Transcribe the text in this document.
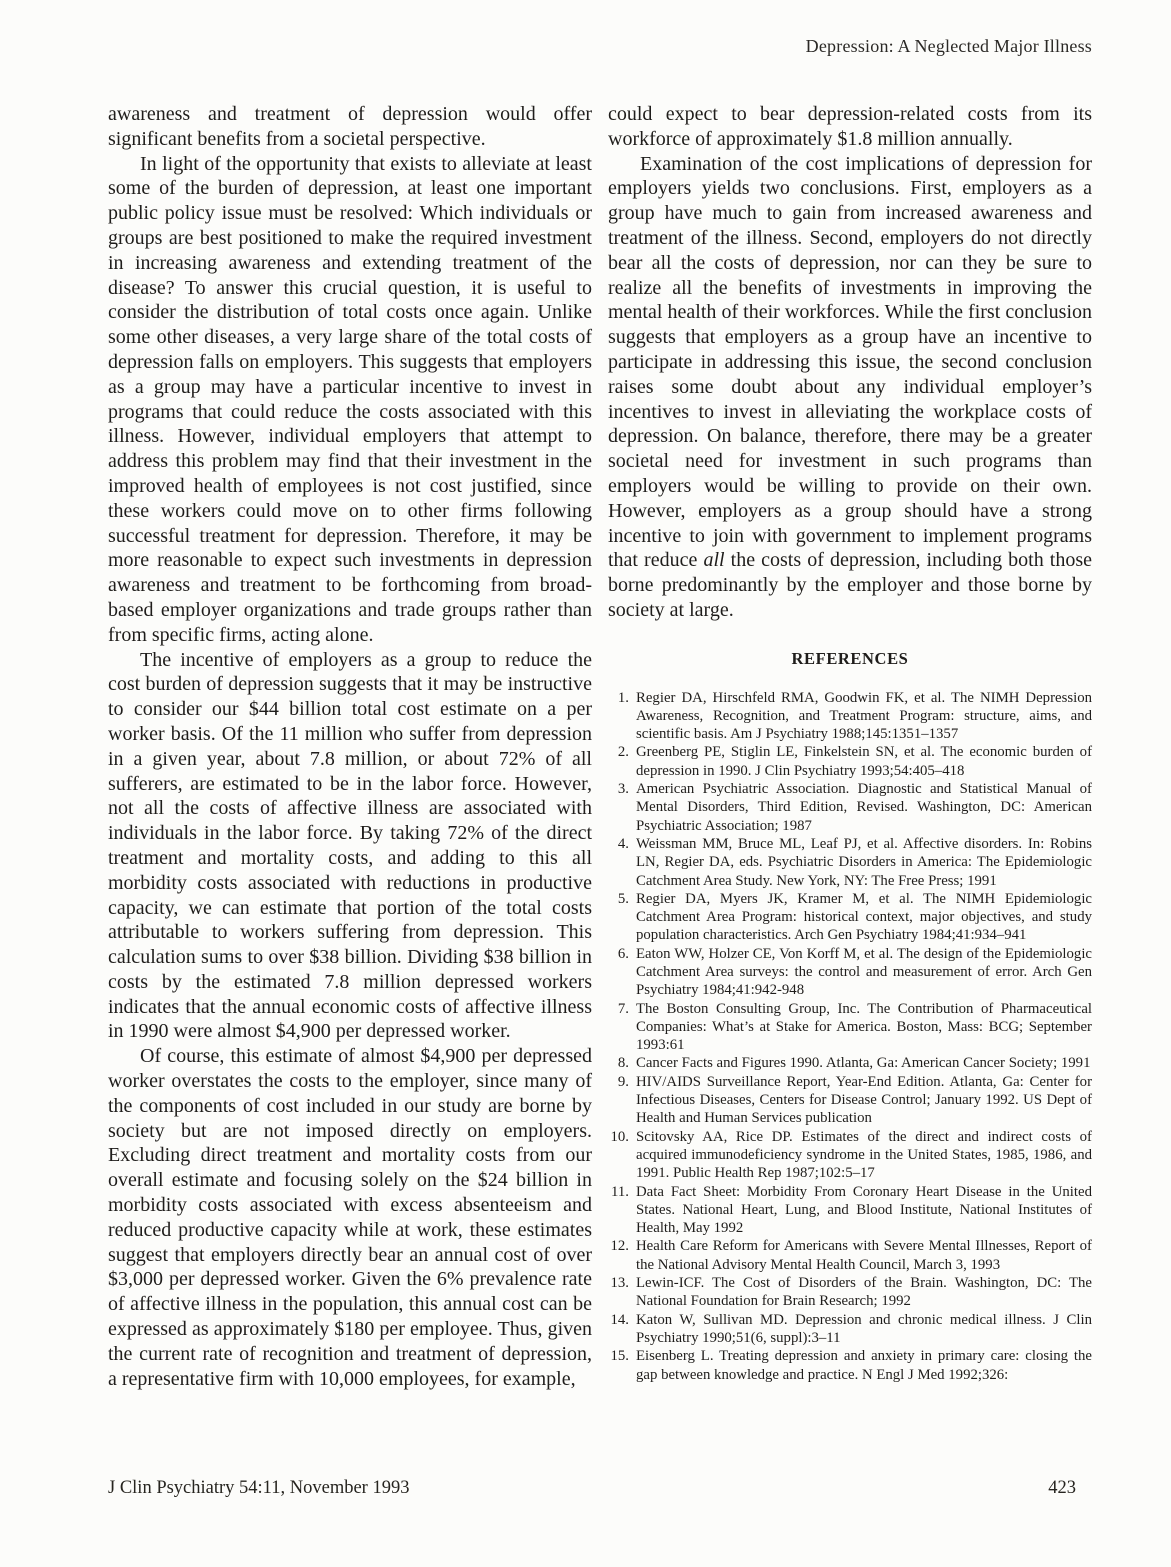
Depression: A Neglected Major Illness

awareness and treatment of depression would offer significant benefits from a societal perspective.

In light of the opportunity that exists to alleviate at least some of the burden of depression, at least one important public policy issue must be resolved: Which individuals or groups are best positioned to make the required investment in increasing awareness and extending treatment of the disease? To answer this crucial question, it is useful to consider the distribution of total costs once again. Unlike some other diseases, a very large share of the total costs of depression falls on employers. This suggests that employers as a group may have a particular incentive to invest in programs that could reduce the costs associated with this illness. However, individual employers that attempt to address this problem may find that their investment in the improved health of employees is not cost justified, since these workers could move on to other firms following successful treatment for depression. Therefore, it may be more reasonable to expect such investments in depression awareness and treatment to be forthcoming from broad-based employer organizations and trade groups rather than from specific firms, acting alone.

The incentive of employers as a group to reduce the cost burden of depression suggests that it may be instructive to consider our $44 billion total cost estimate on a per worker basis. Of the 11 million who suffer from depression in a given year, about 7.8 million, or about 72% of all sufferers, are estimated to be in the labor force. However, not all the costs of affective illness are associated with individuals in the labor force. By taking 72% of the direct treatment and mortality costs, and adding to this all morbidity costs associated with reductions in productive capacity, we can estimate that portion of the total costs attributable to workers suffering from depression. This calculation sums to over $38 billion. Dividing $38 billion in costs by the estimated 7.8 million depressed workers indicates that the annual economic costs of affective illness in 1990 were almost $4,900 per depressed worker.

Of course, this estimate of almost $4,900 per depressed worker overstates the costs to the employer, since many of the components of cost included in our study are borne by society but are not imposed directly on employers. Excluding direct treatment and mortality costs from our overall estimate and focusing solely on the $24 billion in morbidity costs associated with excess absenteeism and reduced productive capacity while at work, these estimates suggest that employers directly bear an annual cost of over $3,000 per depressed worker. Given the 6% prevalence rate of affective illness in the population, this annual cost can be expressed as approximately $180 per employee. Thus, given the current rate of recognition and treatment of depression, a representative firm with 10,000 employees, for example,

could expect to bear depression-related costs from its workforce of approximately $1.8 million annually.

Examination of the cost implications of depression for employers yields two conclusions. First, employers as a group have much to gain from increased awareness and treatment of the illness. Second, employers do not directly bear all the costs of depression, nor can they be sure to realize all the benefits of investments in improving the mental health of their workforces. While the first conclusion suggests that employers as a group have an incentive to participate in addressing this issue, the second conclusion raises some doubt about any individual employer’s incentives to invest in alleviating the workplace costs of depression. On balance, therefore, there may be a greater societal need for investment in such programs than employers would be willing to provide on their own. However, employers as a group should have a strong incentive to join with government to implement programs that reduce all the costs of depression, including both those borne predominantly by the employer and those borne by society at large.

REFERENCES
Regier DA, Hirschfeld RMA, Goodwin FK, et al. The NIMH Depression Awareness, Recognition, and Treatment Program: structure, aims, and scientific basis. Am J Psychiatry 1988;145:1351–1357
Greenberg PE, Stiglin LE, Finkelstein SN, et al. The economic burden of depression in 1990. J Clin Psychiatry 1993;54:405–418
American Psychiatric Association. Diagnostic and Statistical Manual of Mental Disorders, Third Edition, Revised. Washington, DC: American Psychiatric Association; 1987
Weissman MM, Bruce ML, Leaf PJ, et al. Affective disorders. In: Robins LN, Regier DA, eds. Psychiatric Disorders in America: The Epidemiologic Catchment Area Study. New York, NY: The Free Press; 1991
Regier DA, Myers JK, Kramer M, et al. The NIMH Epidemiologic Catchment Area Program: historical context, major objectives, and study population characteristics. Arch Gen Psychiatry 1984;41:934–941
Eaton WW, Holzer CE, Von Korff M, et al. The design of the Epidemiologic Catchment Area surveys: the control and measurement of error. Arch Gen Psychiatry 1984;41:942-948
The Boston Consulting Group, Inc. The Contribution of Pharmaceutical Companies: What’s at Stake for America. Boston, Mass: BCG; September 1993:61
Cancer Facts and Figures 1990. Atlanta, Ga: American Cancer Society; 1991
HIV/AIDS Surveillance Report, Year-End Edition. Atlanta, Ga: Center for Infectious Diseases, Centers for Disease Control; January 1992. US Dept of Health and Human Services publication
Scitovsky AA, Rice DP. Estimates of the direct and indirect costs of acquired immunodeficiency syndrome in the United States, 1985, 1986, and 1991. Public Health Rep 1987;102:5–17
Data Fact Sheet: Morbidity From Coronary Heart Disease in the United States. National Heart, Lung, and Blood Institute, National Institutes of Health, May 1992
Health Care Reform for Americans with Severe Mental Illnesses, Report of the National Advisory Mental Health Council, March 3, 1993
Lewin-ICF. The Cost of Disorders of the Brain. Washington, DC: The National Foundation for Brain Research; 1992
Katon W, Sullivan MD. Depression and chronic medical illness. J Clin Psychiatry 1990;51(6, suppl):3–11
Eisenberg L. Treating depression and anxiety in primary care: closing the gap between knowledge and practice. N Engl J Med 1992;326:
J Clin Psychiatry 54:11, November 1993	423
